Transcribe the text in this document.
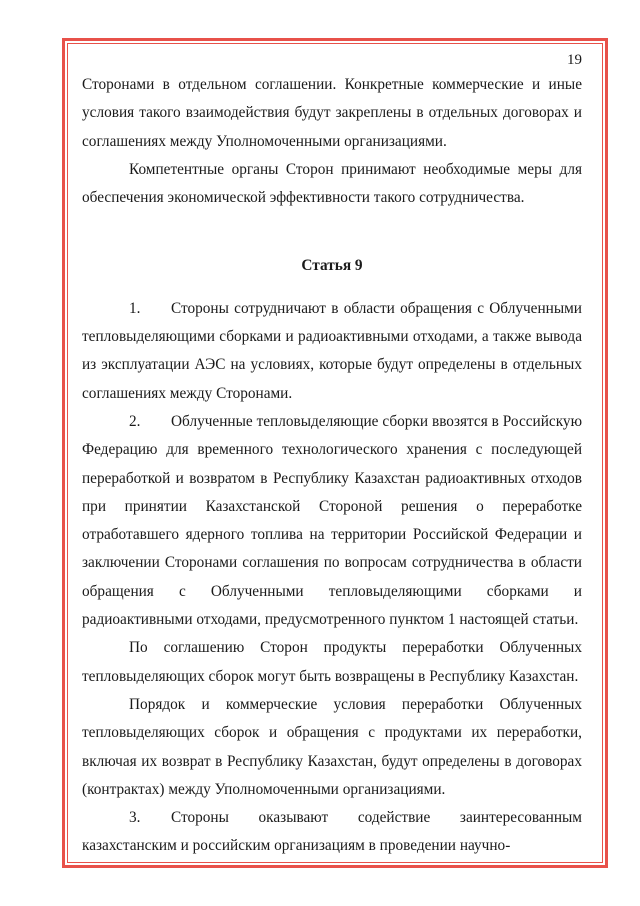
19

Сторонами в отдельном соглашении. Конкретные коммерческие и иные условия такого взаимодействия будут закреплены в отдельных договорах и соглашениях между Уполномоченными организациями.

Компетентные органы Сторон принимают необходимые меры для обеспечения экономической эффективности такого сотрудничества.

Статья 9

1. Стороны сотрудничают в области обращения с Облученными тепловыделяющими сборками и радиоактивными отходами, а также вывода из эксплуатации АЭС на условиях, которые будут определены в отдельных соглашениях между Сторонами.

2. Облученные тепловыделяющие сборки ввозятся в Российскую Федерацию для временного технологического хранения с последующей переработкой и возвратом в Республику Казахстан радиоактивных отходов при принятии Казахстанской Стороной решения о переработке отработавшего ядерного топлива на территории Российской Федерации и заключении Сторонами соглашения по вопросам сотрудничества в области обращения с Облученными тепловыделяющими сборками и радиоактивными отходами, предусмотренного пунктом 1 настоящей статьи.

По соглашению Сторон продукты переработки Облученных тепловыделяющих сборок могут быть возвращены в Республику Казахстан.

Порядок и коммерческие условия переработки Облученных тепловыделяющих сборок и обращения с продуктами их переработки, включая их возврат в Республику Казахстан, будут определены в договорах (контрактах) между Уполномоченными организациями.

3. Стороны оказывают содействие заинтересованным казахстанским и российским организациям в проведении научно-
